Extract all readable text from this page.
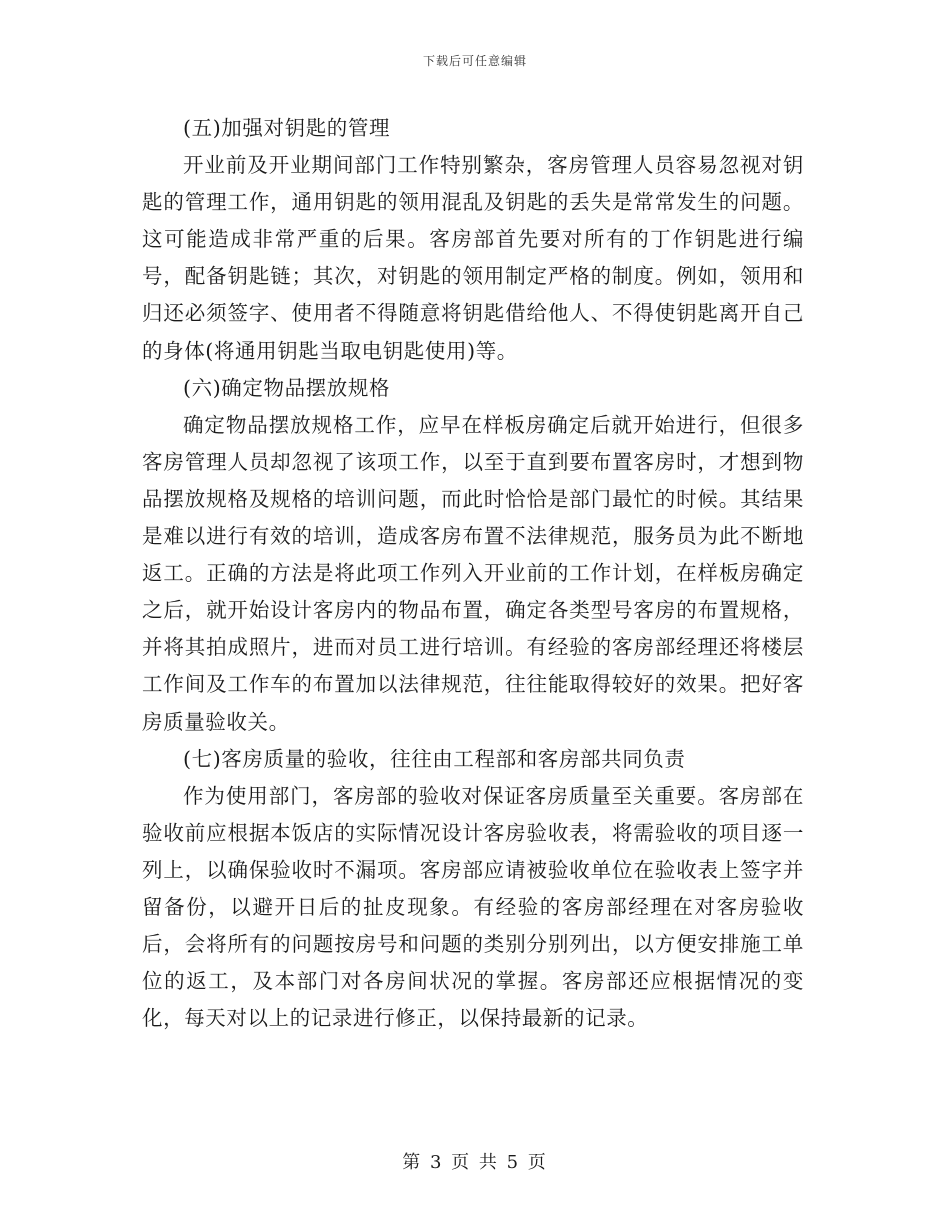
下载后可任意编辑

(五)加强对钥匙的管理

开业前及开业期间部门工作特别繁杂，客房管理人员容易忽视对钥匙的管理工作，通用钥匙的领用混乱及钥匙的丢失是常常发生的问题。这可能造成非常严重的后果。客房部首先要对所有的丁作钥匙进行编号，配备钥匙链；其次，对钥匙的领用制定严格的制度。例如，领用和归还必须签字、使用者不得随意将钥匙借给他人、不得使钥匙离开自己的身体(将通用钥匙当取电钥匙使用)等。

(六)确定物品摆放规格

确定物品摆放规格工作，应早在样板房确定后就开始进行，但很多客房管理人员却忽视了该项工作，以至于直到要布置客房时，才想到物品摆放规格及规格的培训问题，而此时恰恰是部门最忙的时候。其结果是难以进行有效的培训，造成客房布置不法律规范，服务员为此不断地返工。正确的方法是将此项工作列入开业前的工作计划，在样板房确定之后，就开始设计客房内的物品布置，确定各类型号客房的布置规格，并将其拍成照片，进而对员工进行培训。有经验的客房部经理还将楼层工作间及工作车的布置加以法律规范，往往能取得较好的效果。把好客房质量验收关。

(七)客房质量的验收，往往由工程部和客房部共同负责

作为使用部门，客房部的验收对保证客房质量至关重要。客房部在验收前应根据本饭店的实际情况设计客房验收表，将需验收的项目逐一列上，以确保验收时不漏项。客房部应请被验收单位在验收表上签字并留备份，以避开日后的扯皮现象。有经验的客房部经理在对客房验收后，会将所有的问题按房号和问题的类别分别列出，以方便安排施工单位的返工，及本部门对各房间状况的掌握。客房部还应根据情况的变化，每天对以上的记录进行修正，以保持最新的记录。

第 3 页 共 5 页
